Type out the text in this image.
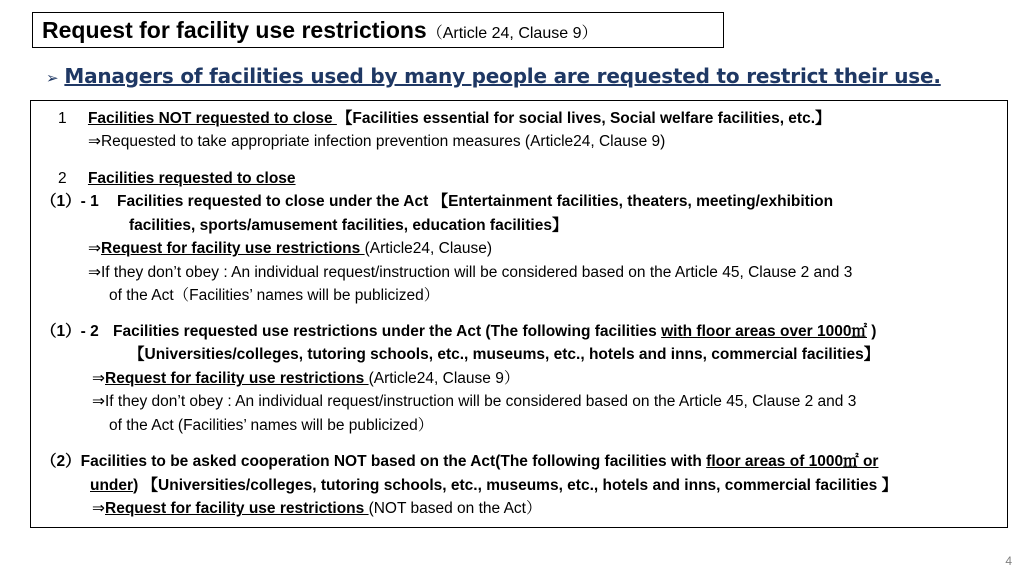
Request for facility use restrictions（Article 24, Clause 9）
➢ Managers of facilities used by many people are requested to restrict their use.
1 Facilities NOT requested to close 【Facilities essential for social lives, Social welfare facilities, etc.】
⇒Requested to take appropriate infection prevention measures (Article24, Clause 9)
2 Facilities requested to close
（1）- 1 Facilities requested to close under the Act 【Entertainment facilities, theaters, meeting/exhibition
facilities, sports/amusement facilities, education facilities】
⇒Request for facility use restrictions (Article24, Clause)
⇒If they don’t obey : An individual request/instruction will be considered based on the Article 45, Clause 2 and 3
of the Act（Facilities’ names will be publicized）
（1）- 2 Facilities requested use restrictions under the Act (The following facilities with floor areas over 1000㎡ )
【Universities/colleges, tutoring schools, etc., museums, etc., hotels and inns, commercial facilities】
⇒Request for facility use restrictions (Article24, Clause 9）
⇒If they don’t obey : An individual request/instruction will be considered based on the Article 45, Clause 2 and 3
of the Act (Facilities’ names will be publicized）
（2）Facilities to be asked cooperation NOT based on the Act(The following facilities with floor areas of 1000㎡ or
under) 【Universities/colleges, tutoring schools, etc., museums, etc., hotels and inns, commercial facilities 】
⇒Request for facility use restrictions (NOT based on the Act）
4
